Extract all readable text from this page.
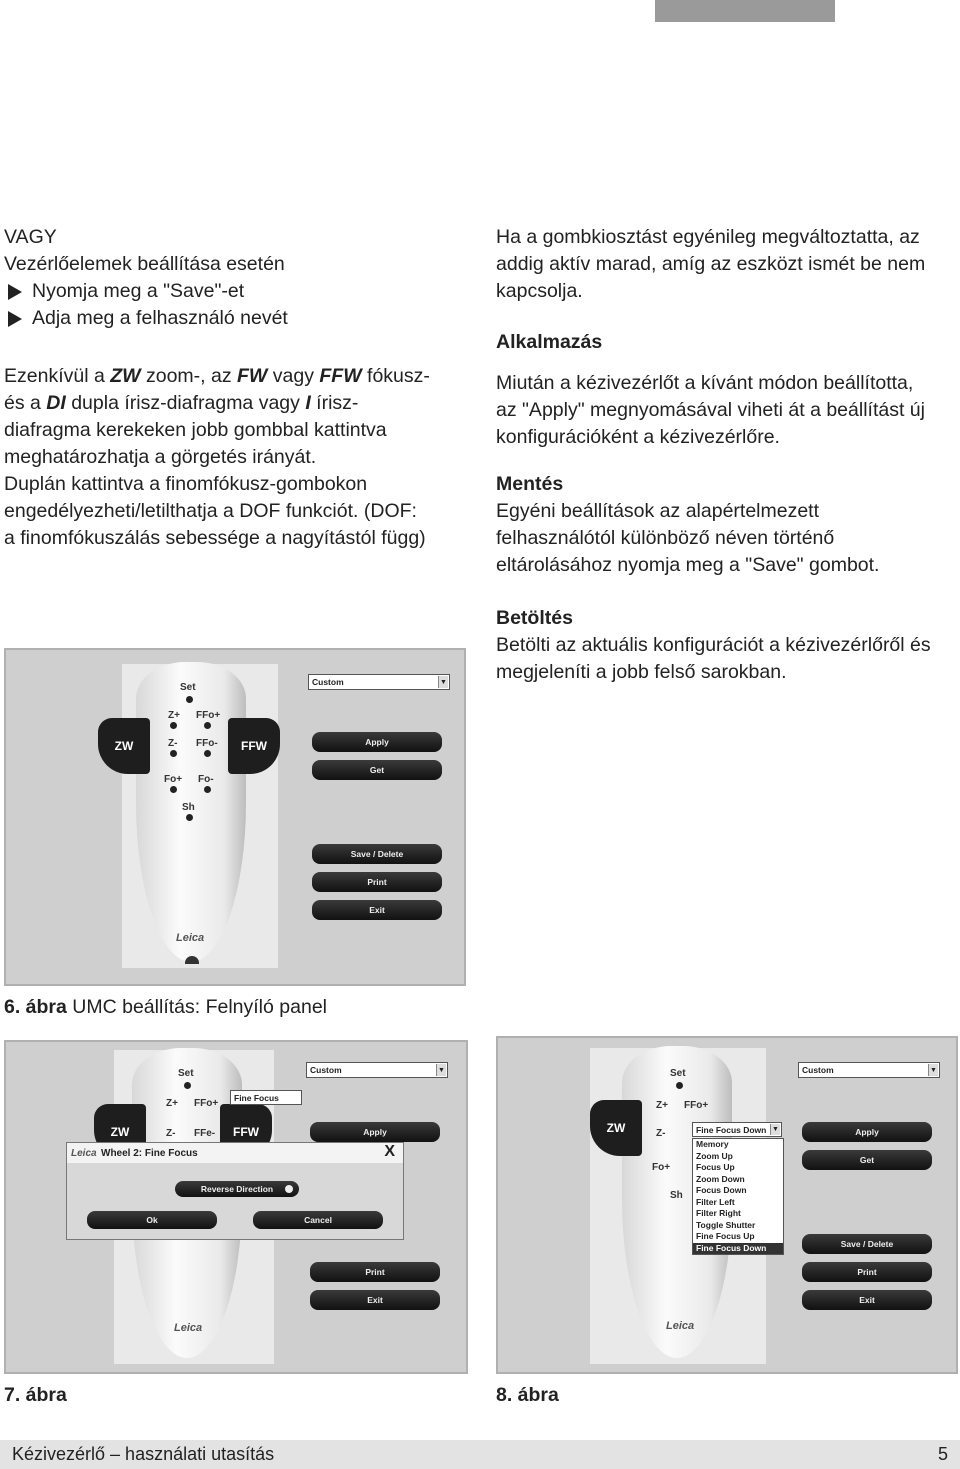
VAGY

Vezérlőelemek beállítása esetén

Nyomja meg a "Save"-et

Adja meg a felhasználó nevét

Ezenkívül a ZW zoom-, az FW vagy FFW fókusz-

és a DI dupla írisz-diafragma vagy I írisz-

diafragma kerekeken jobb gombbal kattintva

meghatározhatja a görgetés irányát.

Duplán kattintva a finomfókusz-gombokon

engedélyezheti/letilthatja a DOF funkciót. (DOF:

a finomfókuszálás sebessége a nagyítástól függ)

Ha a gombkiosztást egyénileg megváltoztatta, az

addig aktív marad, amíg az eszközt ismét be nem

kapcsolja.

Alkalmazás

Miután a kézivezérlőt a kívánt módon beállította,

az "Apply" megnyomásával viheti át a beállítást új

konfigurációként a kézivezérlőre.

Mentés

Egyéni beállítások az alapértelmezett

felhasználótól különböző néven történő

eltárolásához nyomja meg a "Save" gombot.

Betöltés

Betölti az aktuális konfigurációt a kézivezérlőről és

megjeleníti a jobb felső sarokban.

ZW	FFW
Set
Z+ FFo+
Z- FFo-
Fo+ Fo-
Sh
Leica
Custom	▼
Apply
Get
Save / Delete
Print
Exit
6. ábra UMC beállítás: Felnyíló panel
ZW	FFW
Set
Z+ FFo+
Z- FFe-
Leica
Custom	▼
Fine Focus
Apply
Print
Exit
Leica Wheel 2: Fine Focus	X
Reverse Direction
Ok	Cancel
7. ábra
ZW
Set
Z+ FFo+
Z-
Fo+
Sh
Leica
Custom	▼
Apply
Get
Save / Delete
Print
Exit
Fine Focus Down ▼
Memory
Zoom Up
Focus Up
Zoom Down
Focus Down
Filter Left
Filter Right
Toggle Shutter
Fine Focus Up
Fine Focus Down
8. ábra
Kézivezérlő – használati utasítás	5
